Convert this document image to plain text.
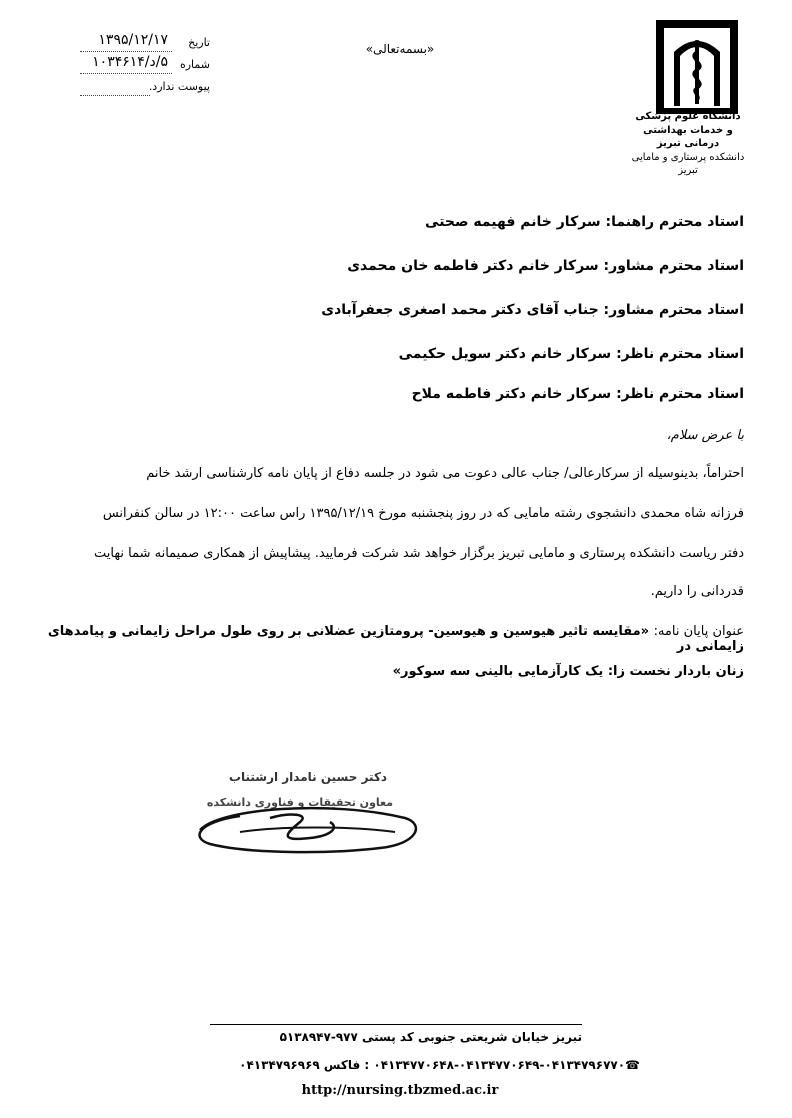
تاریخ
۱۳۹۵/۱۲/۱۷
شماره
۵/د/۱۰۳۴۶۱۴
پیوست ندارد.
«بسمه‌تعالی»
دانشگاه علوم پزشکی
و خدمات بهداشتی درمانی تبریز
دانشکده پرستاری و مامایی تبریز
استاد محترم راهنما: سرکار خانم فهیمه صحتی
استاد محترم مشاور: سرکار خانم دکتر فاطمه خان محمدی
استاد محترم مشاور: جناب آقای دکتر محمد اصغری جعفرآبادی
استاد محترم ناظر: سرکار خانم دکتر سویل حکیمی
استاد محترم ناظر: سرکار خانم دکتر فاطمه ملاح
با عرض سلام،
احتراماً، بدینوسیله از سرکارعالی/ جناب عالی دعوت می شود در جلسه دفاع از پایان نامه کارشناسی ارشد خانم
فرزانه شاه محمدی دانشجوی رشته مامایی که در روز پنجشنبه مورخ ۱۳۹۵/۱۲/۱۹ راس ساعت ۱۲:۰۰ در سالن کنفرانس
دفتر ریاست دانشکده پرستاری و مامایی تبریز برگزار خواهد شد شرکت فرمایید. پیشاپیش از همکاری صمیمانه شما نهایت
قدردانی را داریم.
عنوان پایان نامه: «مقایسه تاثیر هیوسین و هیوسین- پرومتازین عضلانی بر روی طول مراحل زایمانی و پیامدهای زایمانی در
زنان باردار نخست زا: یک کارآزمایی بالینی سه سوکور»
دکتر حسین نامدار ارشتناب
معاون تحقیقات و فناوری دانشکده
تبریز خیابان شریعتی جنوبی کد پستی ۹۷۷-۵۱۳۸۹۴۷
☎۰۴۱۳۴۷۷۰۶۴۸-۰۴۱۳۴۷۷۰۶۴۹-۰۴۱۳۴۷۹۶۷۷۰ : فاکس ۰۴۱۳۴۷۹۶۹۶۹
http://nursing.tbzmed.ac.ir
